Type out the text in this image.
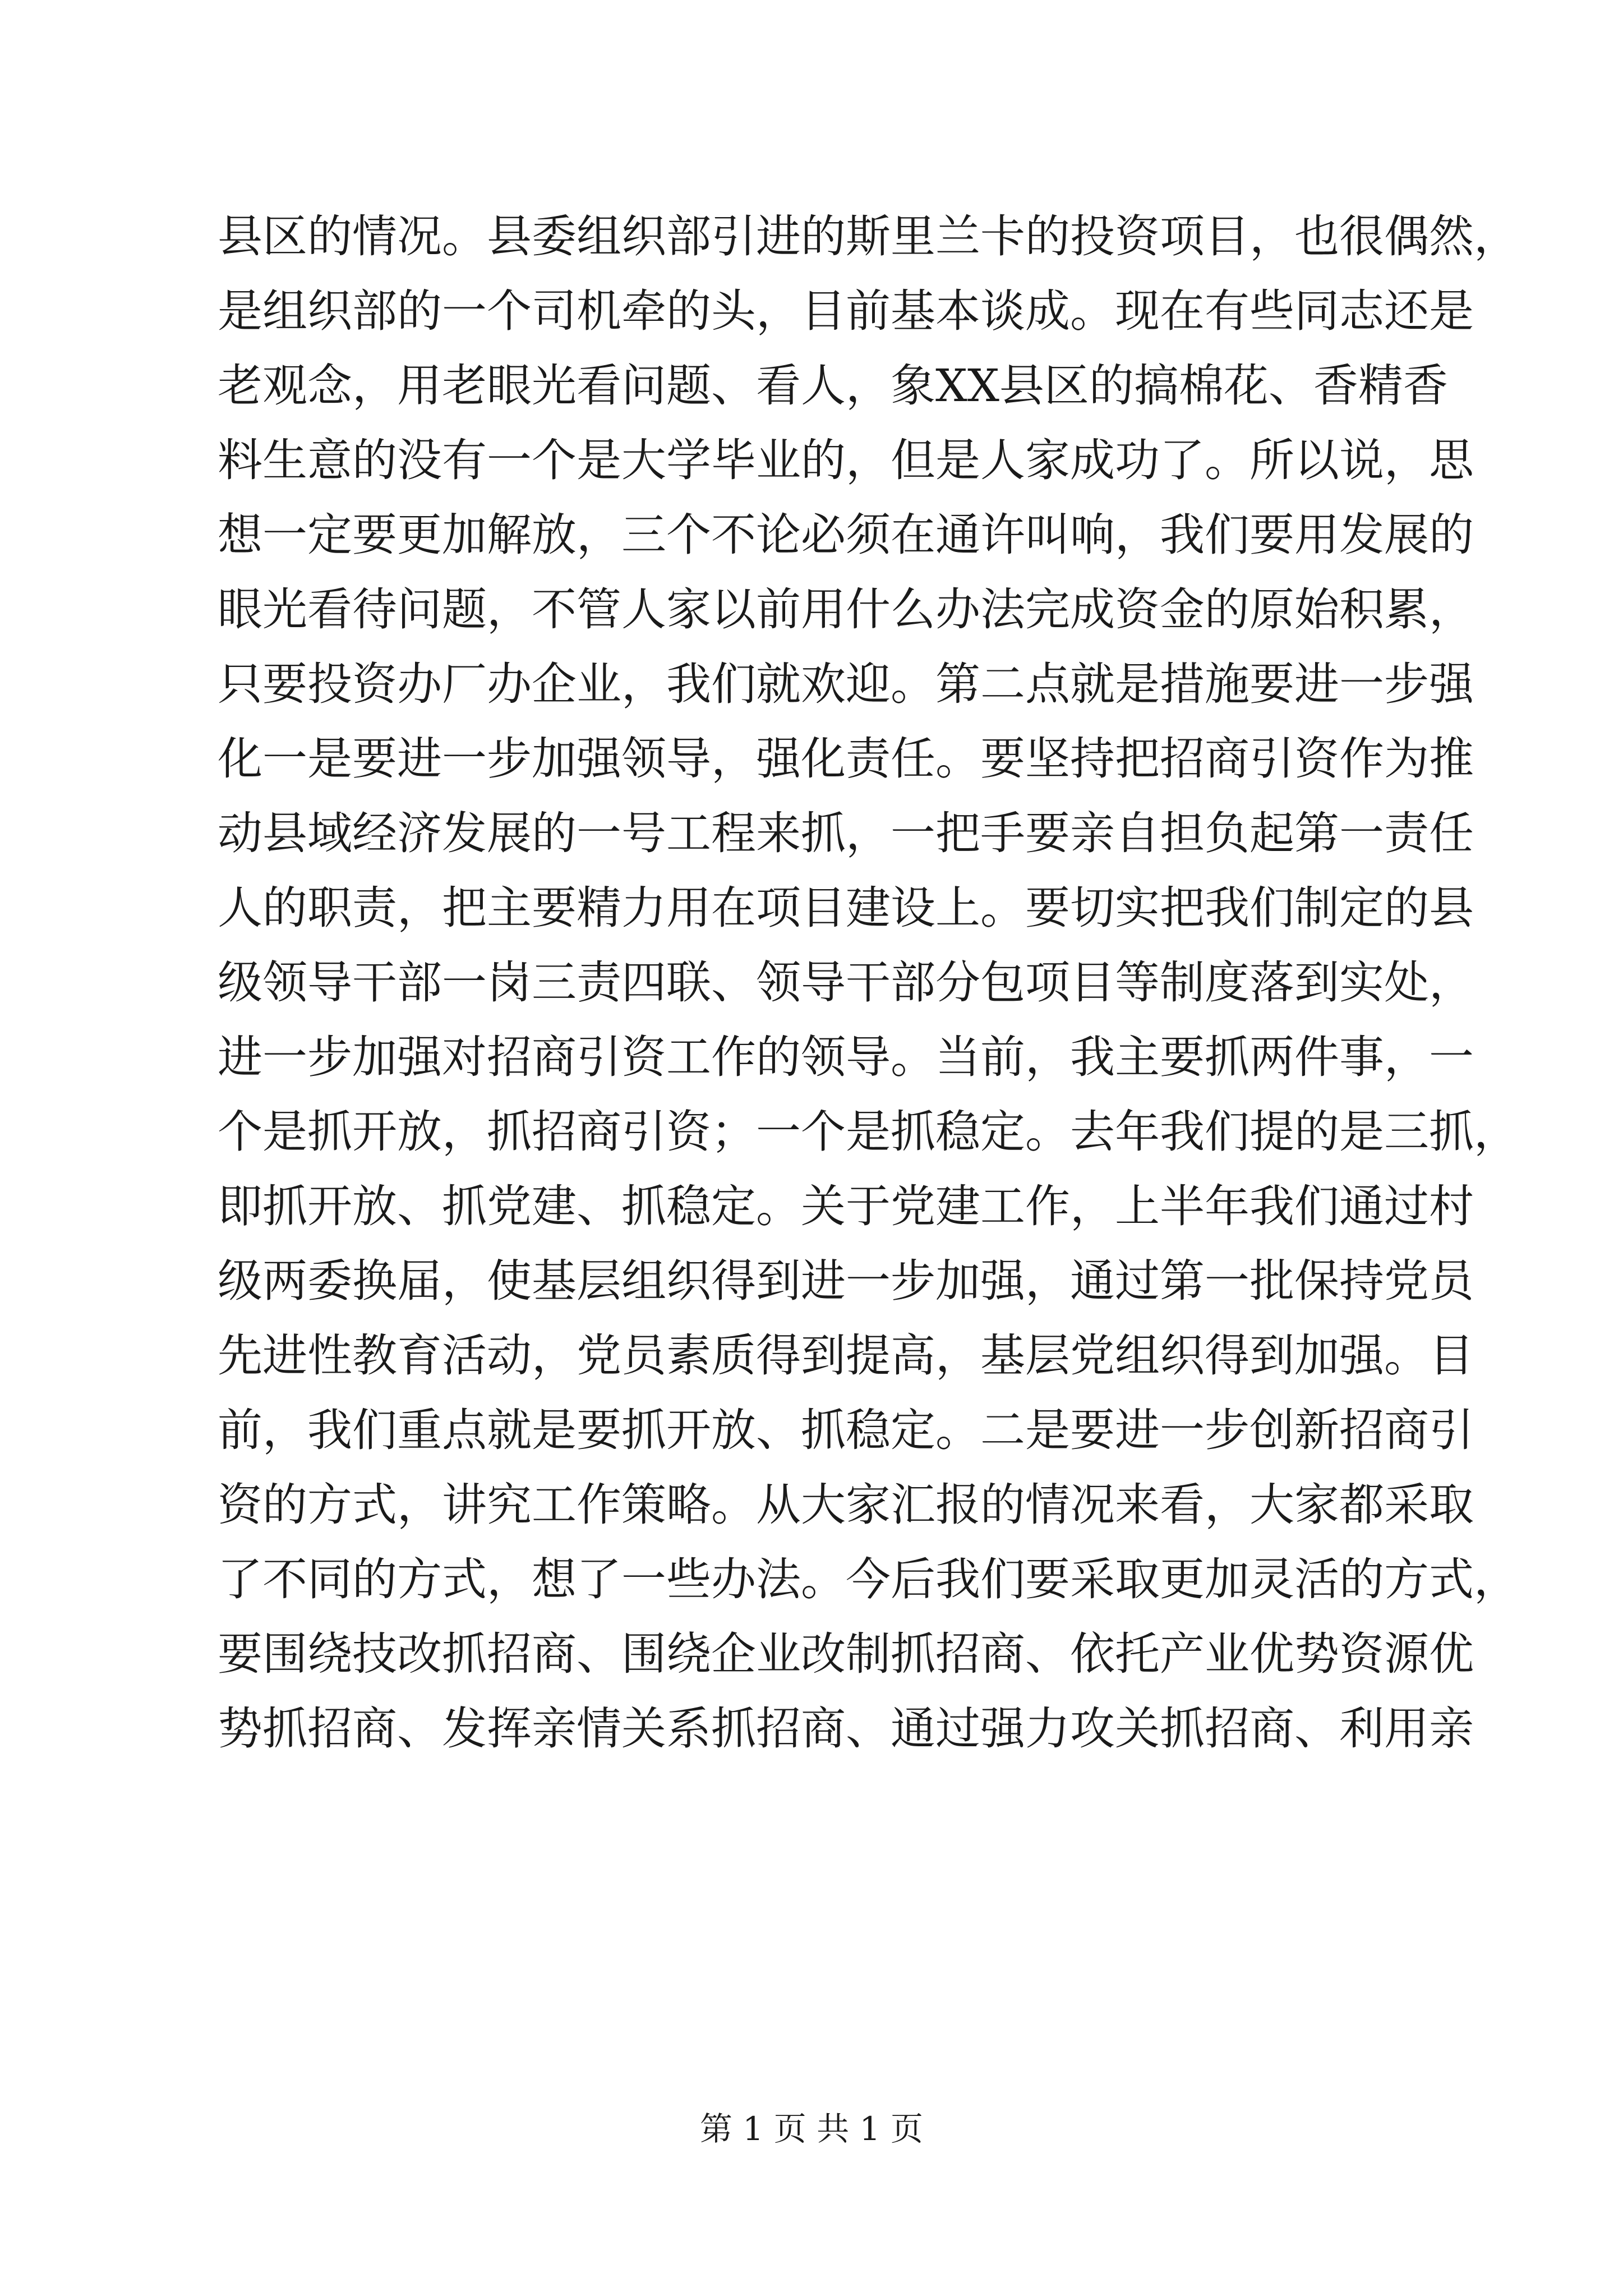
县区的情况。县委组织部引进的斯里兰卡的投资项目，也很偶然，
是组织部的一个司机牵的头，目前基本谈成。现在有些同志还是
老观念，用老眼光看问题、看人，象XX县区的搞棉花、香精香
料生意的没有一个是大学毕业的，但是人家成功了。所以说，思
想一定要更加解放，三个不论必须在通许叫响，我们要用发展的
眼光看待问题，不管人家以前用什么办法完成资金的原始积累，
只要投资办厂办企业，我们就欢迎。第二点就是措施要进一步强
化一是要进一步加强领导，强化责任。要坚持把招商引资作为推
动县域经济发展的一号工程来抓，一把手要亲自担负起第一责任
人的职责，把主要精力用在项目建设上。要切实把我们制定的县
级领导干部一岗三责四联、领导干部分包项目等制度落到实处，
进一步加强对招商引资工作的领导。当前，我主要抓两件事，一
个是抓开放，抓招商引资；一个是抓稳定。去年我们提的是三抓，
即抓开放、抓党建、抓稳定。关于党建工作，上半年我们通过村
级两委换届，使基层组织得到进一步加强，通过第一批保持党员
先进性教育活动，党员素质得到提高，基层党组织得到加强。目
前，我们重点就是要抓开放、抓稳定。二是要进一步创新招商引
资的方式，讲究工作策略。从大家汇报的情况来看，大家都采取
了不同的方式，想了一些办法。今后我们要采取更加灵活的方式，
要围绕技改抓招商、围绕企业改制抓招商、依托产业优势资源优
势抓招商、发挥亲情关系抓招商、通过强力攻关抓招商、利用亲
第 1 页 共 1 页
